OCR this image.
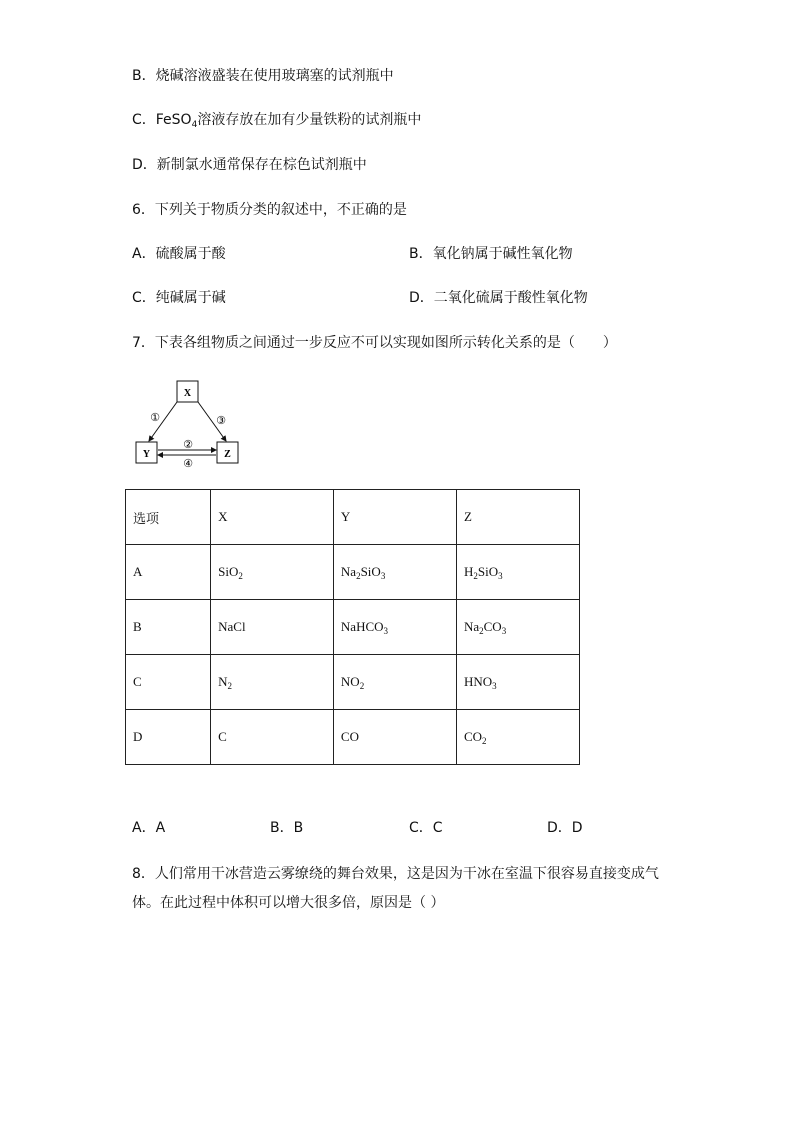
B．烧碱溶液盛装在使用玻璃塞的试剂瓶中
C．FeSO$_4$溶液存放在加有少量铁粉的试剂瓶中
D．新制氯水通常保存在棕色试剂瓶中
6．下列关于物质分类的叙述中，不正确的是
A．硫酸属于酸	B．氧化钠属于碱性氧化物
C．纯碱属于碱	D．二氧化硫属于酸性氧化物
7．下表各组物质之间通过一步反应不可以实现如图所示转化关系的是（　　）
X
Y	Z
①	③
②
④
选项	X	Y	Z
A	SiO$_2$	$Na_2SiO_3$	$H_2SiO_3$
B	NaCl	NaHCO$_3$	$Na_2CO_3$
C	$N_2$	$NO_2$	$HNO_3$
D	C	CO	$CO_2$
A．A	B．B	C．C	D．D
8．人们常用干冰营造云雾缭绕的舞台效果，这是因为干冰在室温下很容易直接变成气
体。在此过程中体积可以增大很多倍，原因是（ ）
